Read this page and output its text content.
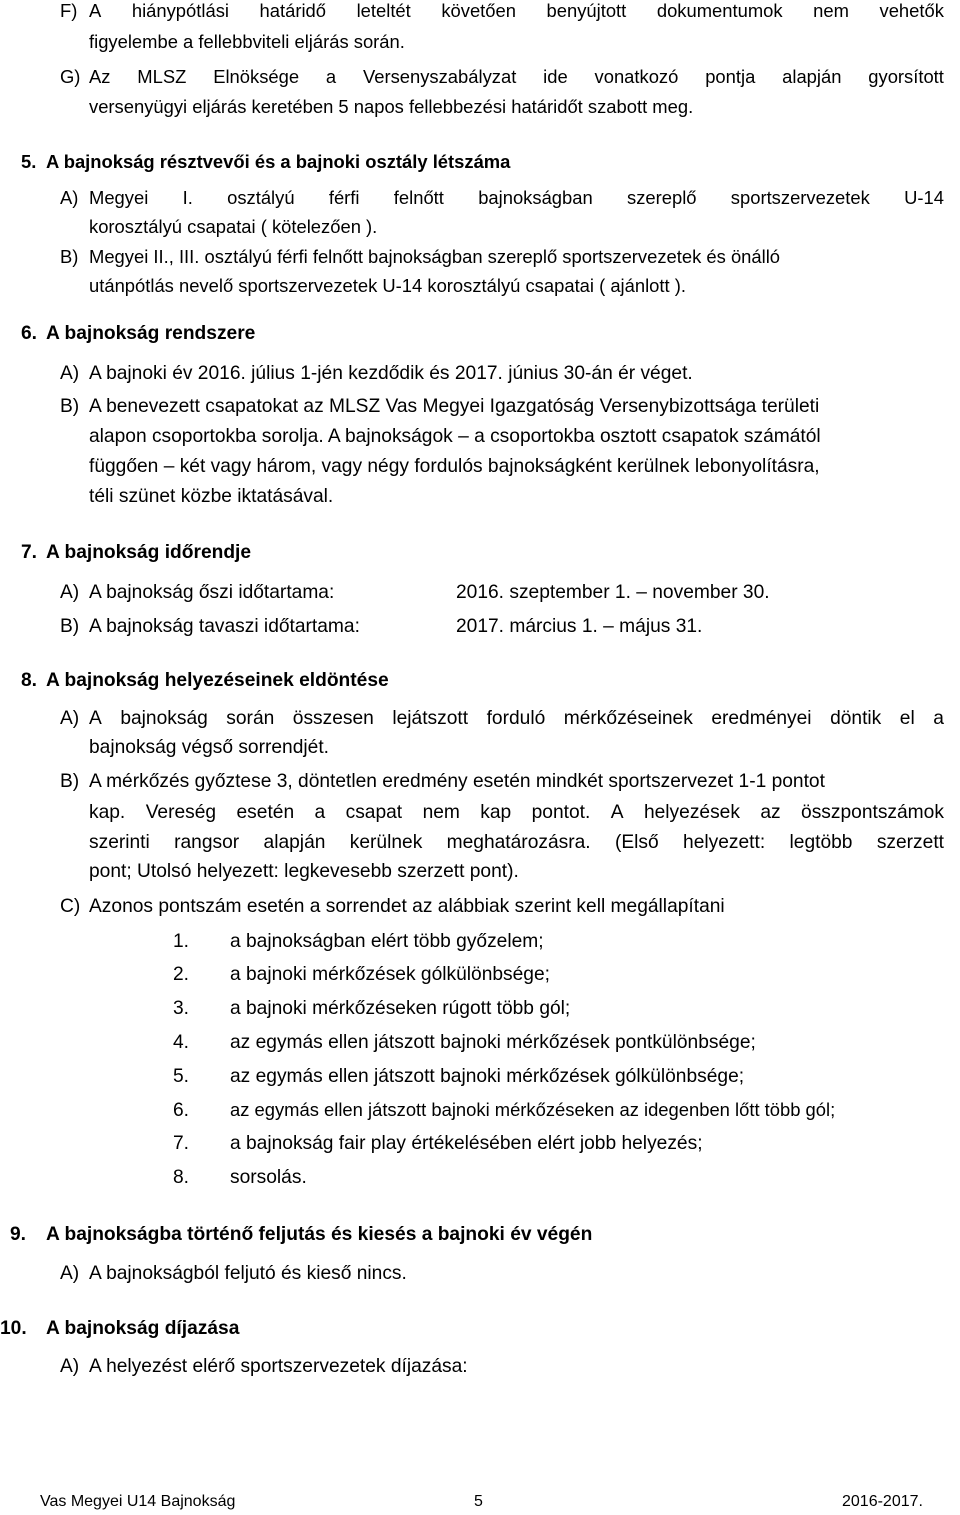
F) A hiánypótlási határidő leteltét követően benyújtott dokumentumok nem vehetők
figyelembe a fellebbviteli eljárás során.
G) Az MLSZ Elnöksége a Versenyszabályzat ide vonatkozó pontja alapján gyorsított
versenyügyi eljárás keretében 5 napos fellebbezési határidőt szabott meg.
5. A bajnokság résztvevői és a bajnoki osztály létszáma
A) Megyei I. osztályú férfi felnőtt bajnokságban szereplő sportszervezetek U-14
korosztályú csapatai ( kötelezően ).
B) Megyei II., III. osztályú férfi felnőtt bajnokságban szereplő sportszervezetek és önálló
utánpótlás nevelő sportszervezetek U-14 korosztályú csapatai ( ajánlott ).
6. A bajnokság rendszere
A) A bajnoki év 2016. július 1-jén kezdődik és 2017. június 30-án ér véget.
B) A benevezett csapatokat az MLSZ Vas Megyei Igazgatóság Versenybizottsága területi
alapon csoportokba sorolja. A bajnokságok – a csoportokba osztott csapatok számától
függően – két vagy három, vagy négy fordulós bajnokságként kerülnek lebonyolításra,
téli szünet közbe iktatásával.
7. A bajnokság időrendje
A) A bajnokság őszi időtartama:	2016. szeptember 1. – november 30.
B) A bajnokság tavaszi időtartama:	2017. március 1. – május 31.
8. A bajnokság helyezéseinek eldöntése
A) A bajnokság során összesen lejátszott forduló mérkőzéseinek eredményei döntik el a
bajnokság végső sorrendjét.
B) A mérkőzés győztese 3, döntetlen eredmény esetén mindkét sportszervezet 1-1 pontot
kap. Vereség esetén a csapat nem kap pontot. A helyezések az összpontszámok
szerinti rangsor alapján kerülnek meghatározásra. (Első helyezett: legtöbb szerzett
pont; Utolsó helyezett: legkevesebb szerzett pont).
C) Azonos pontszám esetén a sorrendet az alábbiak szerint kell megállapítani
1. a bajnokságban elért több győzelem;
2. a bajnoki mérkőzések gólkülönbsége;
3. a bajnoki mérkőzéseken rúgott több gól;
4. az egymás ellen játszott bajnoki mérkőzések pontkülönbsége;
5. az egymás ellen játszott bajnoki mérkőzések gólkülönbsége;
6. az egymás ellen játszott bajnoki mérkőzéseken az idegenben lőtt több gól;
7. a bajnokság fair play értékelésében elért jobb helyezés;
8. sorsolás.
9. A bajnokságba történő feljutás és kiesés a bajnoki év végén
A) A bajnokságból feljutó és kieső nincs.
10. A bajnokság díjazása
A) A helyezést elérő sportszervezetek díjazása:
Vas Megyei U14 Bajnokság	5	2016-2017.
